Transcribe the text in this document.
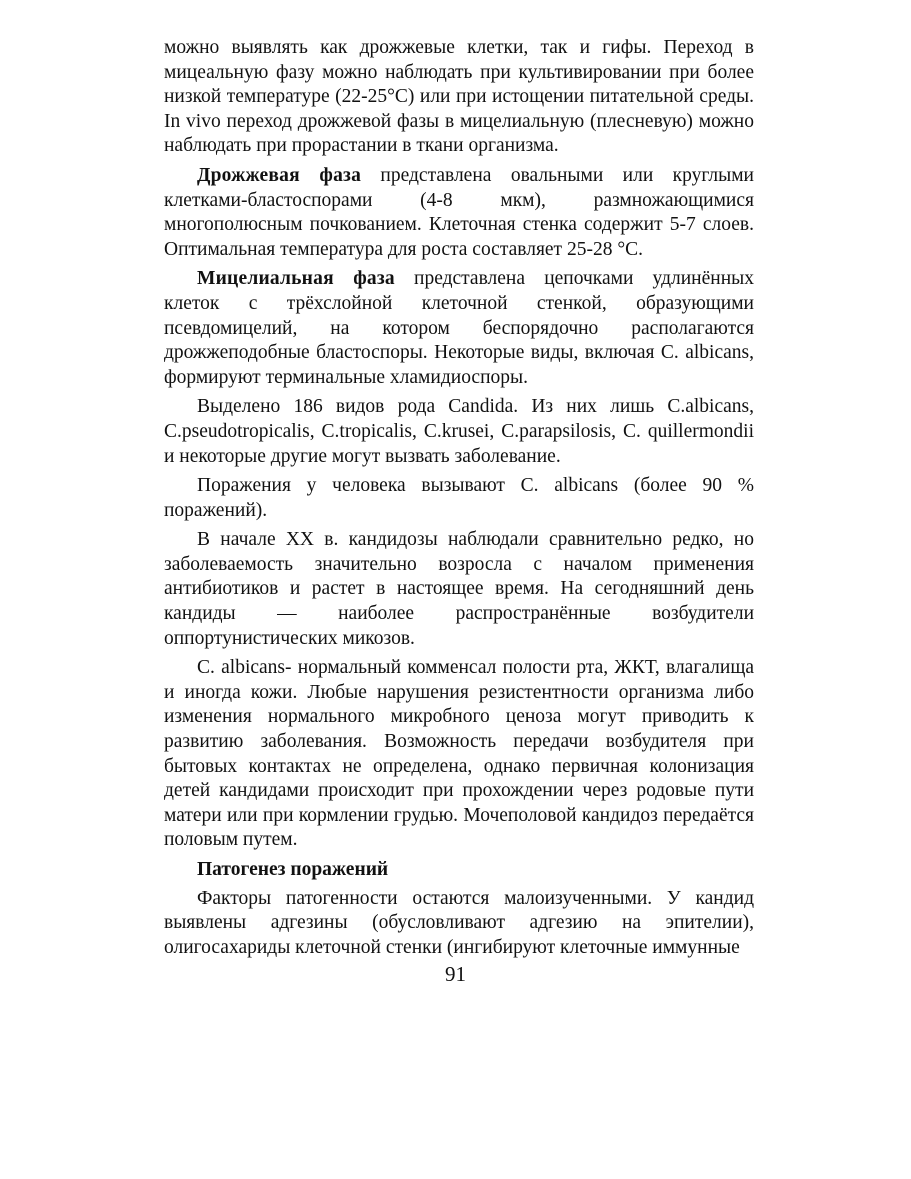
можно выявлять как дрожжевые клетки, так и гифы. Переход в мицеальную фазу можно наблюдать при культивировании при более низкой температуре (22-25°С) или при истощении питательной среды. In vivo переход дрожжевой фазы в мицелиальную (плесневую) можно наблюдать при прорастании в ткани организма.

Дрожжевая фаза представлена овальными или круглыми клетками-бластоспорами (4-8 мкм), размножающимися многополюсным почкованием. Клеточная стенка содержит 5-7 слоев. Оптимальная температура для роста составляет 25-28 °С.

Мицелиальная фаза представлена цепочками удлинённых клеток с трёхслойной клеточной стенкой, образующими псевдомицелий, на котором беспорядочно располагаются дрожжеподобные бластоспоры. Некоторые виды, включая C. albicans, формируют терминальные хламидиоспоры.

Выделено 186 видов рода Candida. Из них лишь C.albicans, C.pseudotropicalis, C.tropicalis, C.krusei, C.parapsilosis, C. quillermondii и некоторые другие могут вызвать заболевание.

Поражения у человека вызывают C. albicans (более 90 % поражений).

В начале XX в. кандидозы наблюдали сравнительно редко, но заболеваемость значительно возросла с началом применения антибиотиков и растет в настоящее время. На сегодняшний день кандиды — наиболее распространённые возбудители оппортунистических микозов.

C. albicans- нормальный комменсал полости рта, ЖКТ, влагалища и иногда кожи. Любые нарушения резистентности организма либо изменения нормального микробного ценоза могут приводить к развитию заболевания. Возможность передачи возбудителя при бытовых контактах не определена, однако первичная колонизация детей кандидами происходит при прохождении через родовые пути матери или при кормлении грудью. Мочеполовой кандидоз передаётся половым путем.

Патогенез поражений

Факторы патогенности остаются малоизученными. У кандид выявлены адгезины (обусловливают адгезию на эпителии), олигосахариды клеточной стенки (ингибируют клеточные иммунные

91
